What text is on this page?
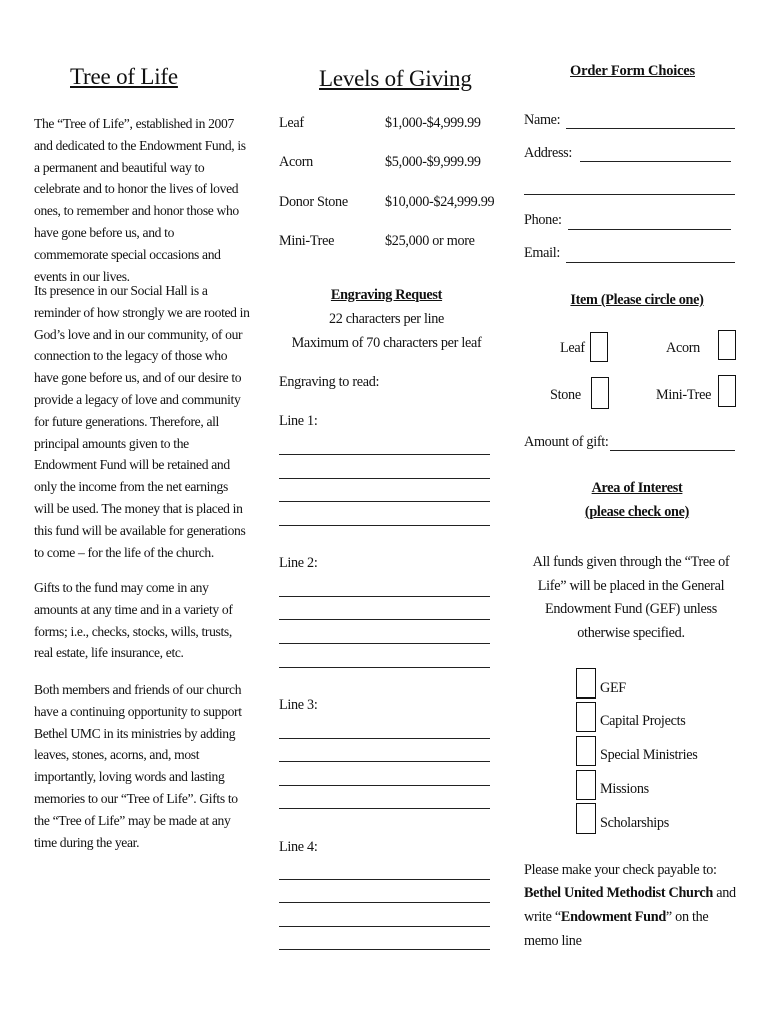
Tree of Life

The “Tree of Life”, established in 2007 and dedicated to the Endowment Fund, is a permanent and beautiful way to celebrate and to honor the lives of loved ones, to remember and honor those who have gone before us, and to commemorate special occasions and events in our lives.

Its presence in our Social Hall is a reminder of how strongly we are rooted in God’s love and in our community, of our connection to the legacy of those who have gone before us, and of our desire to provide a legacy of love and community for future generations. Therefore, all principal amounts given to the Endowment Fund will be retained and only the income from the net earnings will be used. The money that is placed in this fund will be available for generations to come – for the life of the church.

Gifts to the fund may come in any amounts at any time and in a variety of forms; i.e., checks, stocks, wills, trusts, real estate, life insurance, etc.

Both members and friends of our church have a continuing opportunity to support Bethel UMC in its ministries by adding leaves, stones, acorns, and, most importantly, loving words and lasting memories to our “Tree of Life”. Gifts to the “Tree of Life” may be made at any time during the year.

Levels of Giving
Leaf	$1,000-$4,999.99
Acorn	$5,000-$9,999.99
Donor Stone	$10,000-$24,999.99
Mini-Tree	$25,000 or more
Engraving Request
22 characters per line
Maximum of 70 characters per leaf
Engraving to read:
Line 1:
Line 2:
Line 3:
Line 4:
Order Form Choices
Name:
Address:
Phone:
Email:
Item (Please circle one)
Leaf	Acorn
Stone	Mini-Tree
Amount of gift:
Area of Interest
(please check one)
All funds given through the “Tree of Life” will be placed in the General Endowment Fund (GEF) unless otherwise specified.
GEF
Capital Projects
Special Ministries
Missions
Scholarships
Please make your check payable to:
Bethel United Methodist Church and
write “Endowment Fund” on the
memo line
